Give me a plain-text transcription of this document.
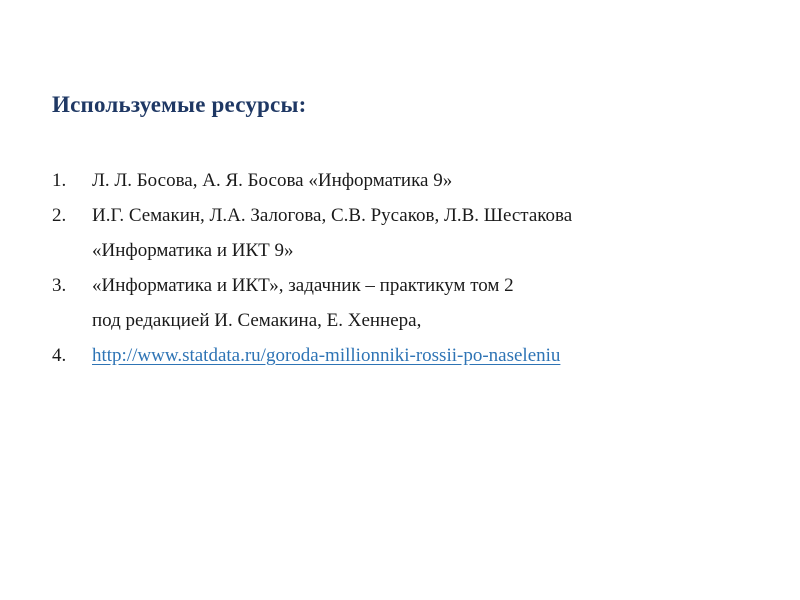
Используемые ресурсы:
1.	Л. Л. Босова, А. Я. Босова «Информатика 9»
2.	И.Г. Семакин, Л.А. Залогова, С.В. Русаков, Л.В. Шестакова
«Информатика и ИКТ 9»
3.	«Информатика и ИКТ», задачник – практикум том 2
под редакцией И. Семакина, Е. Хеннера,
4.	http://www.statdata.ru/goroda-millionniki-rossii-po-naseleniu
